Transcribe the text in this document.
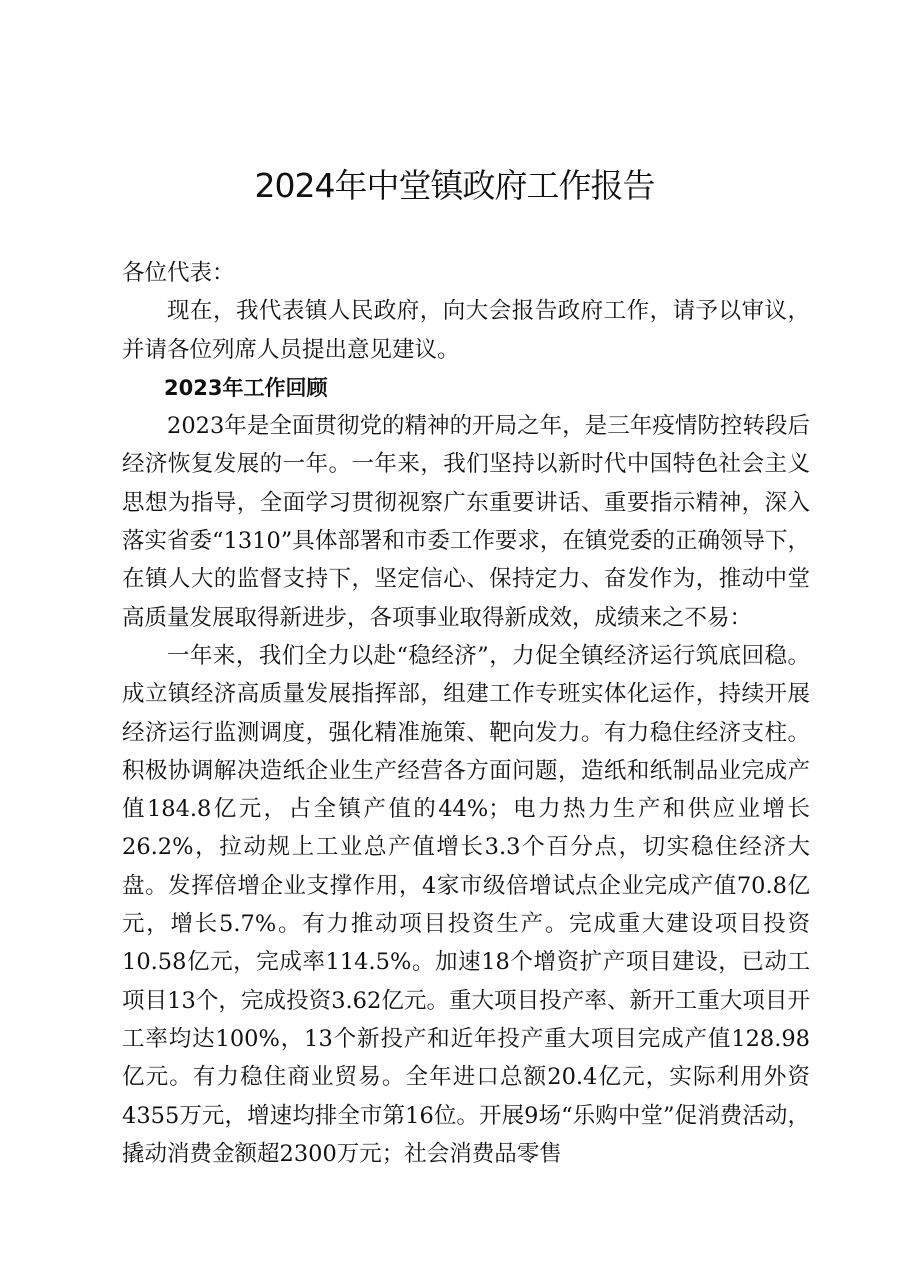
2024年中堂镇政府工作报告

各位代表：

现在，我代表镇人民政府，向大会报告政府工作，请予以审议，并请各位列席人员提出意见建议。

2023年工作回顾

2023年是全面贯彻党的精神的开局之年，是三年疫情防控转段后经济恢复发展的一年。一年来，我们坚持以新时代中国特色社会主义思想为指导，全面学习贯彻视察广东重要讲话、重要指示精神，深入落实省委“1310”具体部署和市委工作要求，在镇党委的正确领导下，在镇人大的监督支持下，坚定信心、保持定力、奋发作为，推动中堂高质量发展取得新进步，各项事业取得新成效，成绩来之不易：

一年来，我们全力以赴“稳经济”，力促全镇经济运行筑底回稳。成立镇经济高质量发展指挥部，组建工作专班实体化运作，持续开展经济运行监测调度，强化精准施策、靶向发力。有力稳住经济支柱。积极协调解决造纸企业生产经营各方面问题，造纸和纸制品业完成产值184.8亿元，占全镇产值的44%；电力热力生产和供应业增长26.2%，拉动规上工业总产值增长3.3个百分点，切实稳住经济大盘。发挥倍增企业支撑作用，4家市级倍增试点企业完成产值70.8亿元，增长5.7%。有力推动项目投资生产。完成重大建设项目投资10.58亿元，完成率114.5%。加速18个增资扩产项目建设，已动工项目13个，完成投资3.62亿元。重大项目投产率、新开工重大项目开工率均达100%，13个新投产和近年投产重大项目完成产值128.98亿元。有力稳住商业贸易。全年进口总额20.4亿元，实际利用外资4355万元，增速均排全市第16位。开展9场“乐购中堂”促消费活动，撬动消费金额超2300万元；社会消费品零售
